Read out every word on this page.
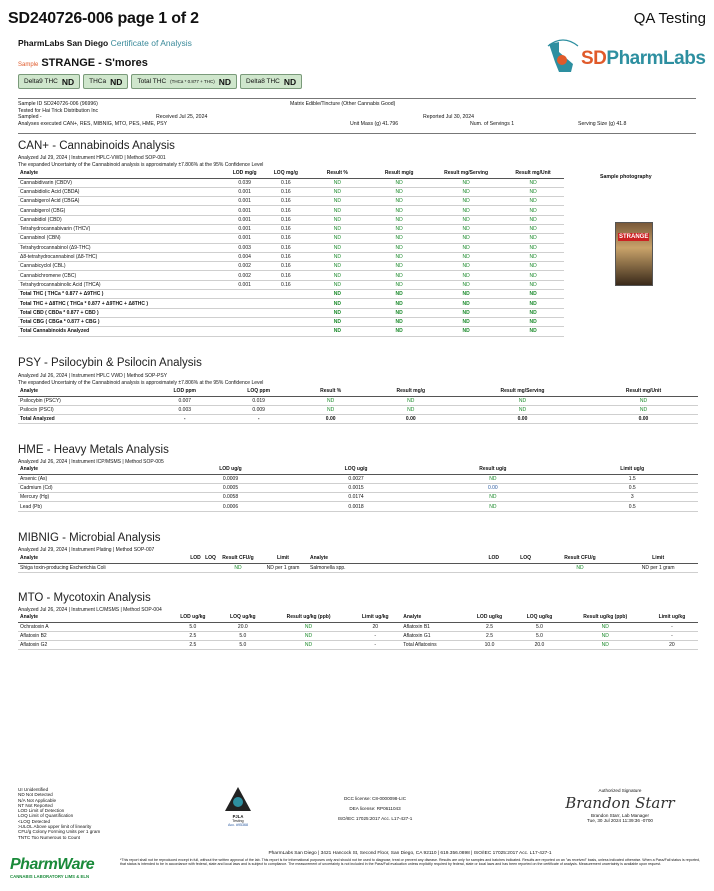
SD240726-006 page 1 of 2	QA Testing
PharmLabs San Diego Certificate of Analysis
Sample STRANGE - S'mores
Delta9 THC ND THCa ND Total THC (THCa * 0.877 + THC) ND Delta8 THC ND
SDPharmLabs
Sample ID SD240726-006 (96996)	Matrix Edible/Tincture (Other Cannabis Good)
Tested for Hai Trick Distribution Inc
Sampled -	Received Jul 25, 2024	Reported Jul 30, 2024
Analyses executed CAN+, RES, MIBNIG, MTO, PES, HME, PSY	Unit Mass (g) 41.796	Num. of Servings 1	Serving Size (g) 41.8
CAN+ - Cannabinoids Analysis
Analyzed Jul 29, 2024 | Instrument HPLC-VWD | Method SOP-001
The expanded Uncertainty of the Cannabinoid analysis is approximately ±7.806% at the 95% Confidence Level
Analyte	LOD mg/g	LOQ mg/g	Result %	Result mg/g	Result mg/Serving	Result mg/Unit
Cannabidivarin (CBDV)	0.039	0.16	ND	ND	ND	ND
Cannabidiolic Acid (CBDA)	0.001	0.16	ND	ND	ND	ND
Cannabigerol Acid (CBGA)	0.001	0.16	ND	ND	ND	ND
Cannabigerol (CBG)	0.001	0.16	ND	ND	ND	ND
Cannabidiol (CBD)	0.001	0.16	ND	ND	ND	ND
Tetrahydrocannabivarin (THCV)	0.001	0.16	ND	ND	ND	ND
Cannabinol (CBN)	0.001	0.16	ND	ND	ND	ND
Tetrahydrocannabinol (Δ9-THC)	0.003	0.16	ND	ND	ND	ND
Δ8-tetrahydrocannabinol (Δ8-THC)	0.004	0.16	ND	ND	ND	ND
Cannabicyclol (CBL)	0.002	0.16	ND	ND	ND	ND
Cannabichromene (CBC)	0.002	0.16	ND	ND	ND	ND
Tetrahydrocannabinolic Acid (THCA)	0.001	0.16	ND	ND	ND	ND
Total THC ( THCa * 0.877 + Δ9THC )			ND	ND	ND	ND
Total THC + Δ8THC ( THCa * 0.877 + Δ9THC + Δ8THC )			ND	ND	ND	ND
Total CBD ( CBDa * 0.877 + CBD )			ND	ND	ND	ND
Total CBG ( CBGa * 0.877 + CBG )			ND	ND	ND	ND
Total Cannabinoids Analyzed			ND	ND	ND	ND
Sample photography
STRANGE
PSY - Psilocybin & Psilocin Analysis
Analyzed Jul 26, 2024 | Instrument HPLC VWD | Method SOP-PSY
The expanded Uncertainty of the Cannabinoid analysis is approximately ±7.806% at the 95% Confidence Level
Analyte	LOD ppm	LOQ ppm	Result %	Result mg/g	Result mg/Serving	Result mg/Unit
Psilocybin (PSCY)	0.007	0.019	ND	ND	ND	ND
Psilocin (PSCI)	0.003	0.009	ND	ND	ND	ND
Total Analyzed	-	-	0.00	0.00	0.00	0.00
HME - Heavy Metals Analysis
Analyzed Jul 26, 2024 | Instrument ICP/MSMS | Method SOP-005
Analyte	LOD ug/g	LOQ ug/g	Result ug/g	Limit ug/g
Arsenic (As)	0.0009	0.0027	ND	1.5
Cadmium (Cd)	0.0005	0.0015	0.00	0.5
Mercury (Hg)	0.0058	0.0174	ND	3
Lead (Pb)	0.0006	0.0018	ND	0.5
MIBNIG - Microbial Analysis
Analyzed Jul 29, 2024 | Instrument Plating | Method SOP-007
Analyte	LOD	LOQ	Result CFU/g	Limit	Analyte	LOD	LOQ	Result CFU/g	Limit
Shiga toxin-producing Escherichia Coli			ND	ND per 1 gram	Salmonella spp.			ND	ND per 1 gram
MTO - Mycotoxin Analysis
Analyzed Jul 26, 2024 | Instrument LC/MSMS | Method SOP-004
Analyte	LOD ug/kg	LOQ ug/kg	Result ug/kg (ppb)	Limit ug/kg	Analyte	LOD ug/kg	LOQ ug/kg	Result ug/kg (ppb)	Limit ug/kg
Ochratoxin A	5.0	20.0	ND	20	Aflatoxin B1	2.5	5.0	ND	-
Aflatoxin B2	2.5	5.0	ND	-	Aflatoxin G1	2.5	5.0	ND	-
Aflatoxin G2	2.5	5.0	ND	-	Total Aflatoxins	10.0	20.0	ND	20
UI Unidentified
ND Not Detected
N/A Not Applicable
NT Not Reported
LOD Limit of Detection
LOQ Limit of Quantification
<LOQ Detected
>ULOL Above upper limit of linearity
CFU/g Colony Forming Units per 1 gram
TNTC Too Numerous to Count
PJLA
Testing
Acc. #95368
DCC license: C8-0000098-LIC
DEA license: RP0611043
ISO/IEC 17025:2017 Acc. L17-427-1
Authorized Signature
Brandon Starr
Brandon Starr, Lab Manager
Tue, 30 Jul 2024 11:39:36 -0700
PharmLabs San Diego | 3421 Hancock St, Second Floor, San Diego, CA 92110 | 619.356.0898 | ISO/IEC 17025:2017 Acc. L17-427-1
PharmWare
CANNABIS LABORATORY LIMS & ELN
*This report shall not be reproduced except in full, without the written approval of the lab. This report is for informational purposes only and should not be used to diagnose, treat or prevent any disease. Results are only for samples and batches indicated. Results are reported on an "as received" basis, unless indicated otherwise. When a Pass/Fail status is reported, that status is intended to be in accordance with federal, state and local laws and is subject to compliance. The measurement of uncertainty is not included in the Pass/Fail evaluation unless explicitly required by federal, state or local laws and has been reported on the certificate of analysis. Measurement uncertainty is available upon request.
